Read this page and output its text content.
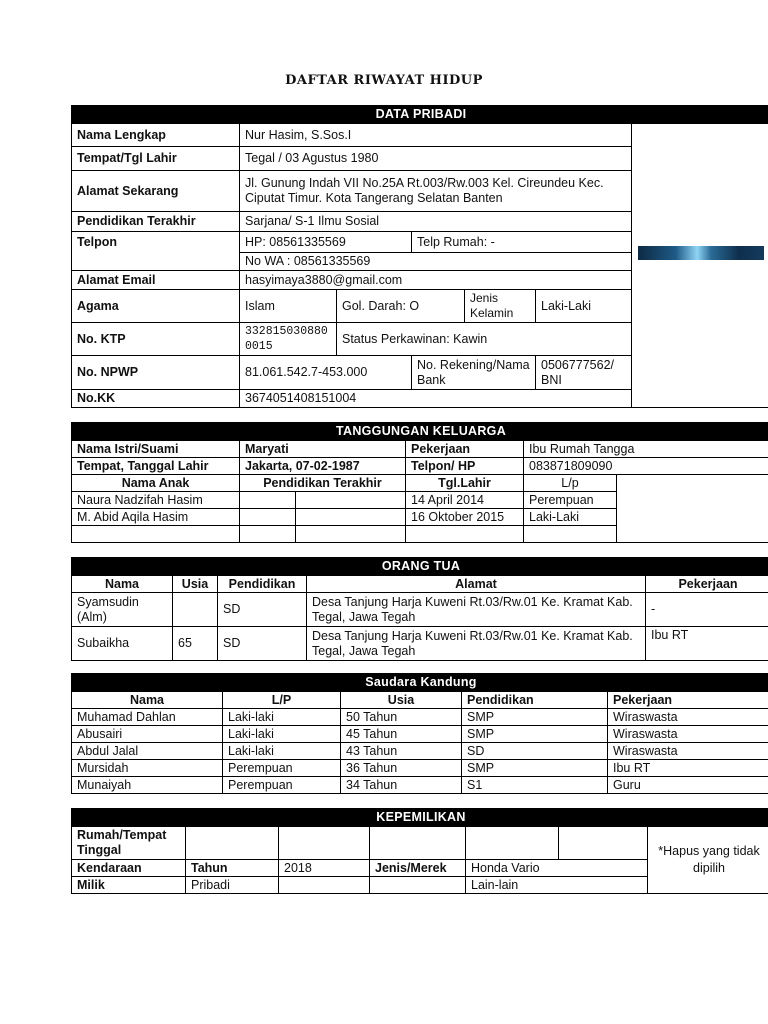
DAFTAR RIWAYAT HIDUP
DATA PRIBADI						
Nama Lengkap	Nur Hasim, S.Sos.I					

Tempat/Tgl Lahir	Tegal / 03 Agustus 1980					
Alamat Sekarang	Jl. Gunung Indah VII No.25A Rt.003/Rw.003 Kel. Cireundeu Kec. Ciputat Timur. Kota Tangerang Selatan Banten					
Pendidikan Terakhir	Sarjana/ S-1 Ilmu Sosial					
Telpon	HP: 08561335569		Telp Rumah: -			
	No WA : 08561335569					
Alamat Email	hasyimaya3880@gmail.com					
Agama	Islam	Gol. Darah: O		Jenis Kelamin	Laki-Laki	
No. KTP	332815030880 0015	Status Perkawinan: Kawin				
No. NPWP	81.061.542.7-453.000		No. Rekening/Nama Bank		0506777562/ BNI	
No.KK	3674051408151004					
TANGGUNGAN KELUARGA					
Nama Istri/Suami	Maryati		Pekerjaan	Ibu Rumah Tangga	
Tempat, Tanggal Lahir	Jakarta, 07-02-1987		Telpon/ HP	083871809090	
Nama Anak	Pendidikan Terakhir		Tgl.Lahir	L/p	
Naura Nadzifah Hasim			14 April 2014	Perempuan	
M. Abid Aqila Hasim			16 Oktober 2015	Laki-Laki	

ORANG TUA				
Nama	Usia	Pendidikan	Alamat	Pekerjaan
Syamsudin (Alm)		SD	Desa Tanjung Harja Kuweni Rt.03/Rw.01 Ke. Kramat Kab. Tegal, Jawa Tegah	-
Subaikha	65	SD	Desa Tanjung Harja Kuweni Rt.03/Rw.01 Ke. Kramat Kab. Tegal, Jawa Tegah	Ibu RT
Saudara Kandung				
Nama	L/P	Usia	Pendidikan	Pekerjaan
Muhamad Dahlan	Laki-laki	50 Tahun	SMP	Wiraswasta
Abusairi	Laki-laki	45 Tahun	SMP	Wiraswasta
Abdul Jalal	Laki-laki	43 Tahun	SD	Wiraswasta
Mursidah	Perempuan	36 Tahun	SMP	Ibu RT
Munaiyah	Perempuan	34 Tahun	S1	Guru
KEPEMILIKAN						
Rumah/Tempat Tinggal						*Hapus yang tidak dipilih
Kendaraan	Tahun	2018	Jenis/Merek	Honda Vario		
Milik	Pribadi			Lain-lain		
